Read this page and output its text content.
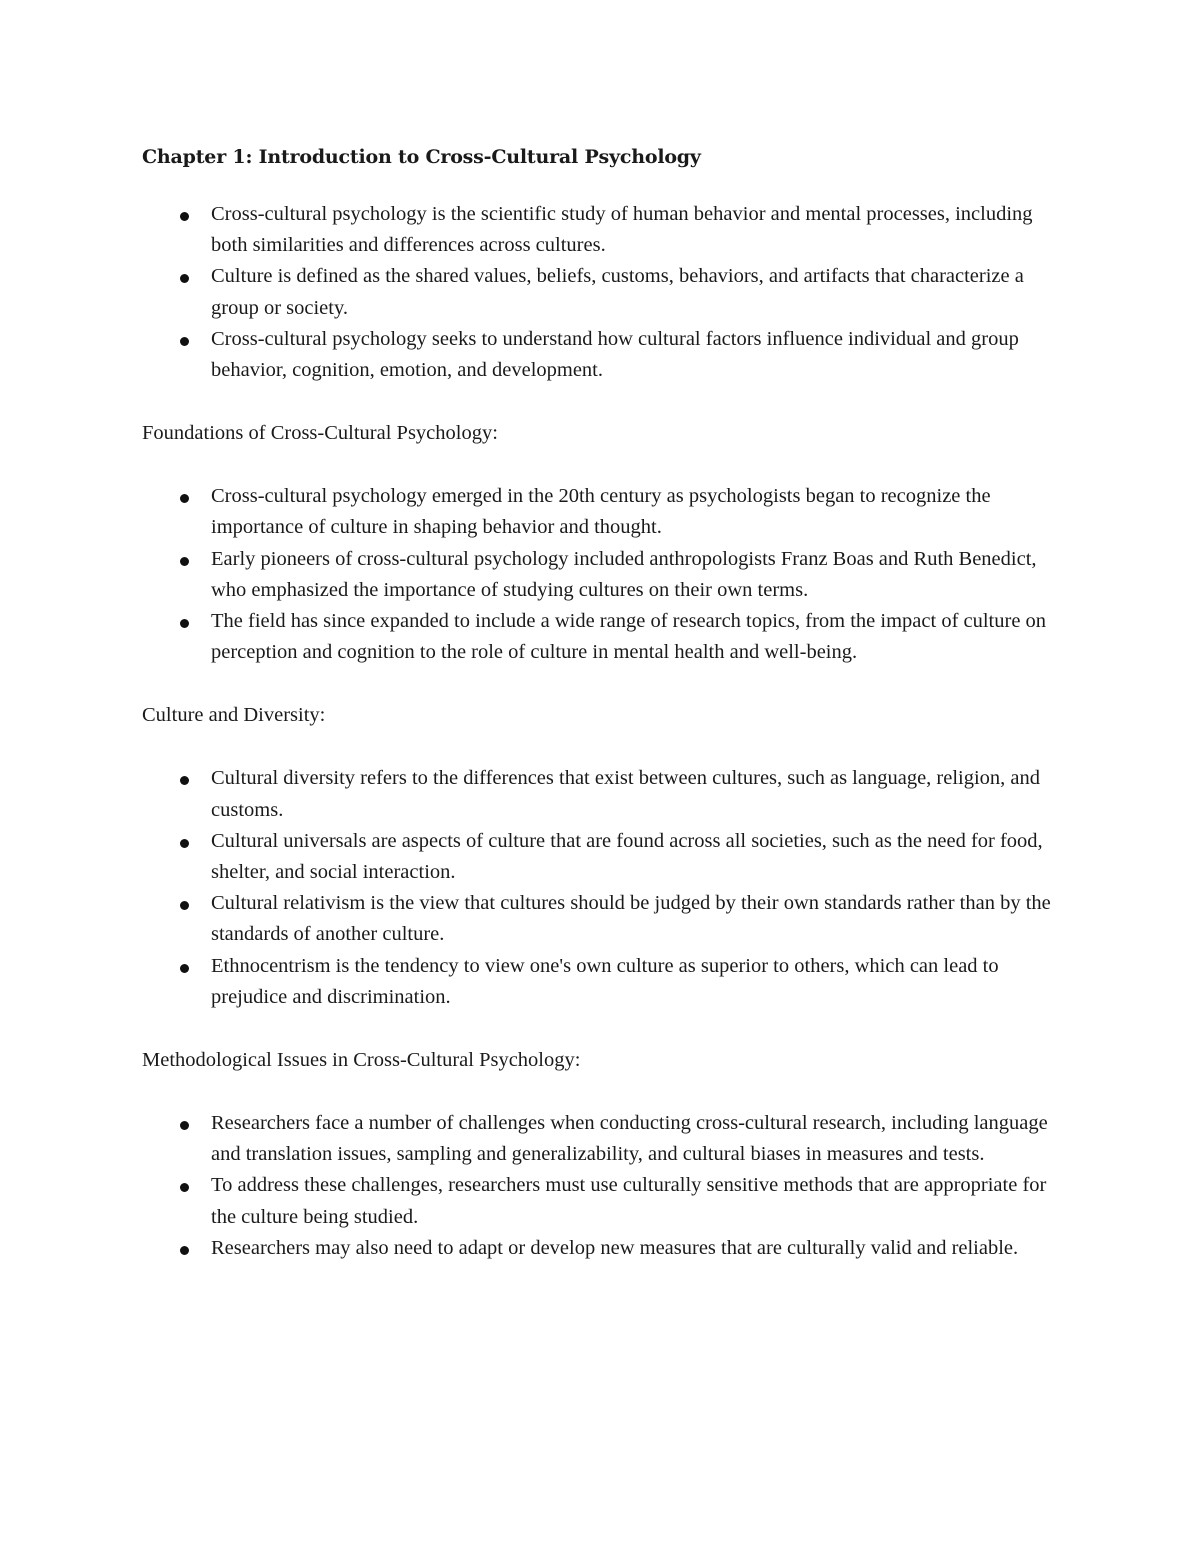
Chapter 1: Introduction to Cross-Cultural Psychology
Cross-cultural psychology is the scientific study of human behavior and mental processes, including both similarities and differences across cultures.
Culture is defined as the shared values, beliefs, customs, behaviors, and artifacts that characterize a group or society.
Cross-cultural psychology seeks to understand how cultural factors influence individual and group behavior, cognition, emotion, and development.
Foundations of Cross-Cultural Psychology:
Cross-cultural psychology emerged in the 20th century as psychologists began to recognize the importance of culture in shaping behavior and thought.
Early pioneers of cross-cultural psychology included anthropologists Franz Boas and Ruth Benedict, who emphasized the importance of studying cultures on their own terms.
The field has since expanded to include a wide range of research topics, from the impact of culture on perception and cognition to the role of culture in mental health and well-being.
Culture and Diversity:
Cultural diversity refers to the differences that exist between cultures, such as language, religion, and customs.
Cultural universals are aspects of culture that are found across all societies, such as the need for food, shelter, and social interaction.
Cultural relativism is the view that cultures should be judged by their own standards rather than by the standards of another culture.
Ethnocentrism is the tendency to view one's own culture as superior to others, which can lead to prejudice and discrimination.
Methodological Issues in Cross-Cultural Psychology:
Researchers face a number of challenges when conducting cross-cultural research, including language and translation issues, sampling and generalizability, and cultural biases in measures and tests.
To address these challenges, researchers must use culturally sensitive methods that are appropriate for the culture being studied.
Researchers may also need to adapt or develop new measures that are culturally valid and reliable.
